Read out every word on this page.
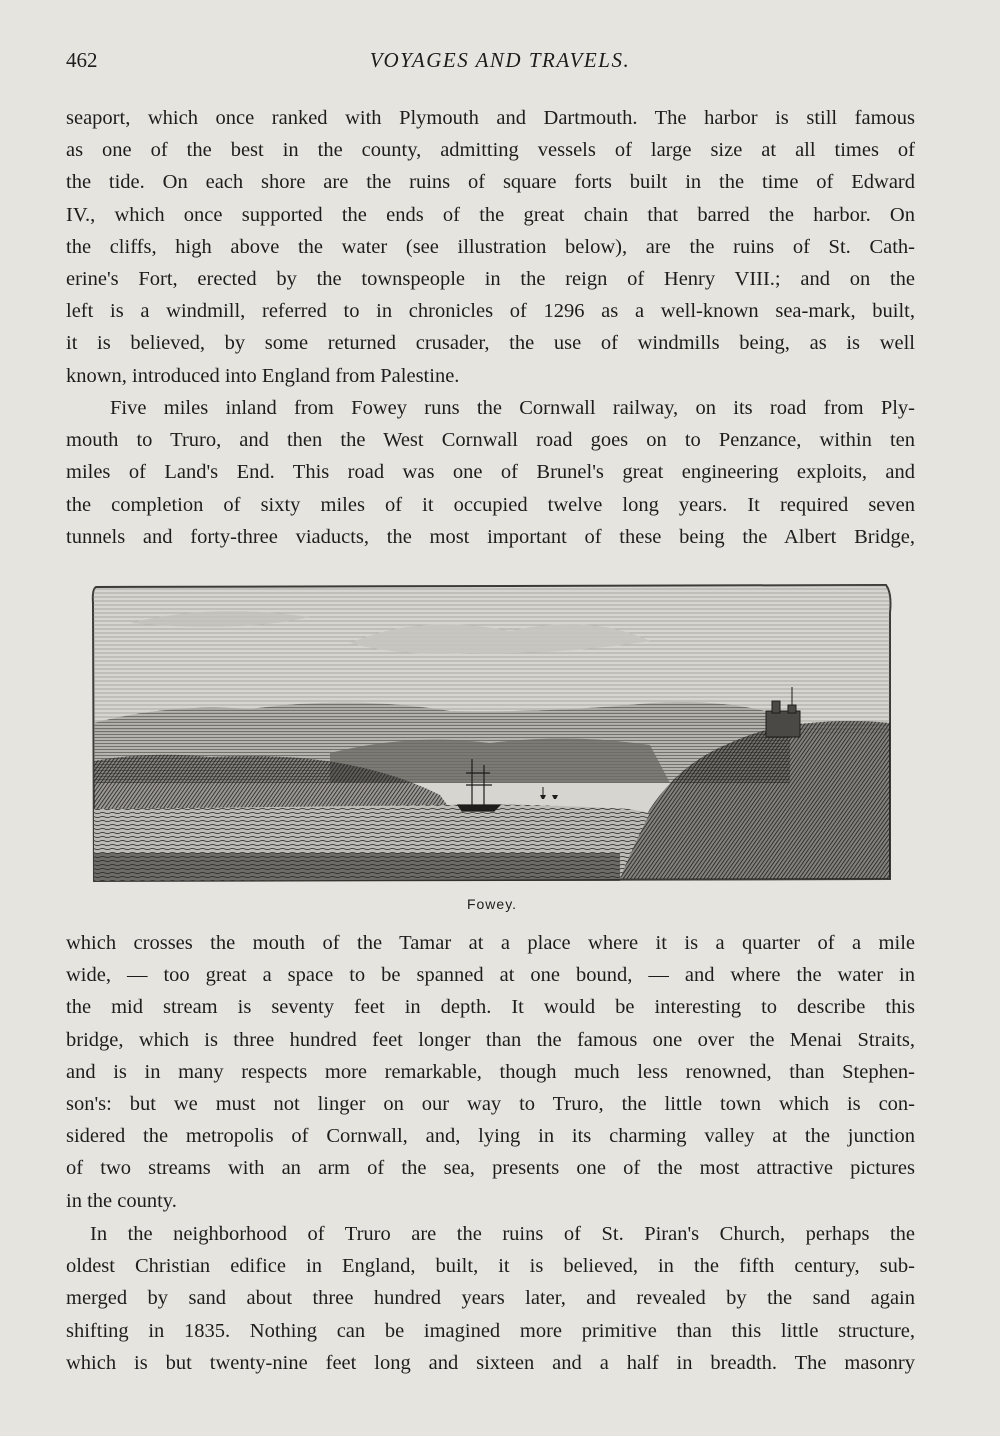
462	VOYAGES AND TRAVELS.
seaport, which once ranked with Plymouth and Dartmouth. The harbor is still famous
as one of the best in the county, admitting vessels of large size at all times of
the tide. On each shore are the ruins of square forts built in the time of Edward
IV., which once supported the ends of the great chain that barred the harbor. On
the cliffs, high above the water (see illustration below), are the ruins of St. Cath-
erine's Fort, erected by the townspeople in the reign of Henry VIII.; and on the
left is a windmill, referred to in chronicles of 1296 as a well-known sea-mark, built,
it is believed, by some returned crusader, the use of windmills being, as is well
known, introduced into England from Palestine.
Five miles inland from Fowey runs the Cornwall railway, on its road from Ply-
mouth to Truro, and then the West Cornwall road goes on to Penzance, within ten
miles of Land's End. This road was one of Brunel's great engineering exploits, and
the completion of sixty miles of it occupied twelve long years. It required seven
tunnels and forty-three viaducts, the most important of these being the Albert Bridge,
Fowey.
which crosses the mouth of the Tamar at a place where it is a quarter of a mile
wide, — too great a space to be spanned at one bound, — and where the water in
the mid stream is seventy feet in depth. It would be interesting to describe this
bridge, which is three hundred feet longer than the famous one over the Menai Straits,
and is in many respects more remarkable, though much less renowned, than Stephen-
son's: but we must not linger on our way to Truro, the little town which is con-
sidered the metropolis of Cornwall, and, lying in its charming valley at the junction
of two streams with an arm of the sea, presents one of the most attractive pictures
in the county.
In the neighborhood of Truro are the ruins of St. Piran's Church, perhaps the
oldest Christian edifice in England, built, it is believed, in the fifth century, sub-
merged by sand about three hundred years later, and revealed by the sand again
shifting in 1835. Nothing can be imagined more primitive than this little structure,
which is but twenty-nine feet long and sixteen and a half in breadth. The masonry
